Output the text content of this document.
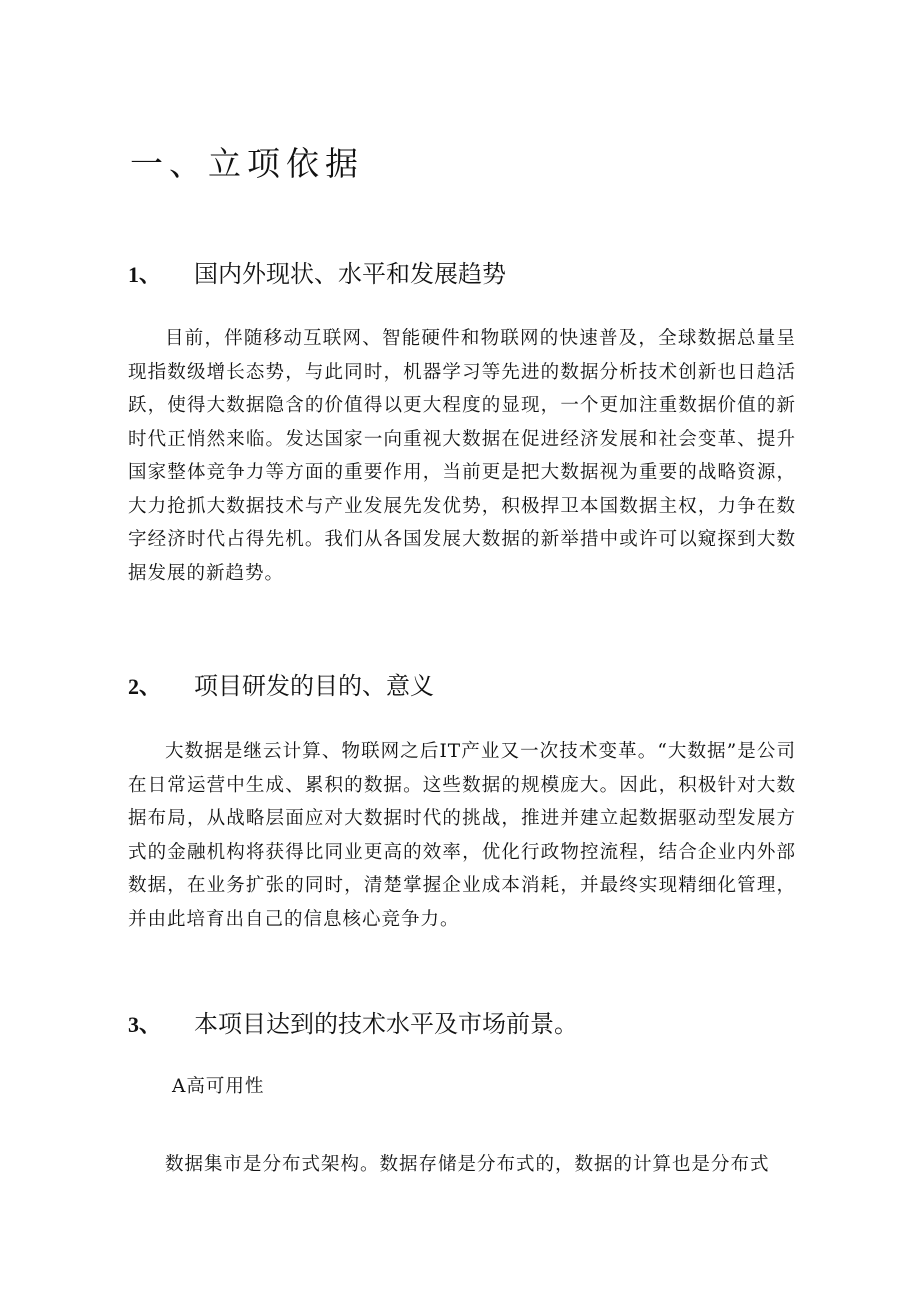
一、立项依据
1、 国内外现状、水平和发展趋势

目前，伴随移动互联网、智能硬件和物联网的快速普及，全球数据总量呈现指数级增长态势，与此同时，机器学习等先进的数据分析技术创新也日趋活跃，使得大数据隐含的价值得以更大程度的显现，一个更加注重数据价值的新时代正悄然来临。发达国家一向重视大数据在促进经济发展和社会变革、提升国家整体竞争力等方面的重要作用，当前更是把大数据视为重要的战略资源，大力抢抓大数据技术与产业发展先发优势，积极捍卫本国数据主权，力争在数字经济时代占得先机。我们从各国发展大数据的新举措中或许可以窥探到大数据发展的新趋势。

2、 项目研发的目的、意义

大数据是继云计算、物联网之后IT产业又一次技术变革。“大数据”是公司在日常运营中生成、累积的数据。这些数据的规模庞大。因此，积极针对大数据布局，从战略层面应对大数据时代的挑战，推进并建立起数据驱动型发展方式的金融机构将获得比同业更高的效率，优化行政物控流程，结合企业内外部数据，在业务扩张的同时，清楚掌握企业成本消耗，并最终实现精细化管理，并由此培育出自己的信息核心竞争力。

3、 本项目达到的技术水平及市场前景。

A高可用性

数据集市是分布式架构。数据存储是分布式的，数据的计算也是分布式
